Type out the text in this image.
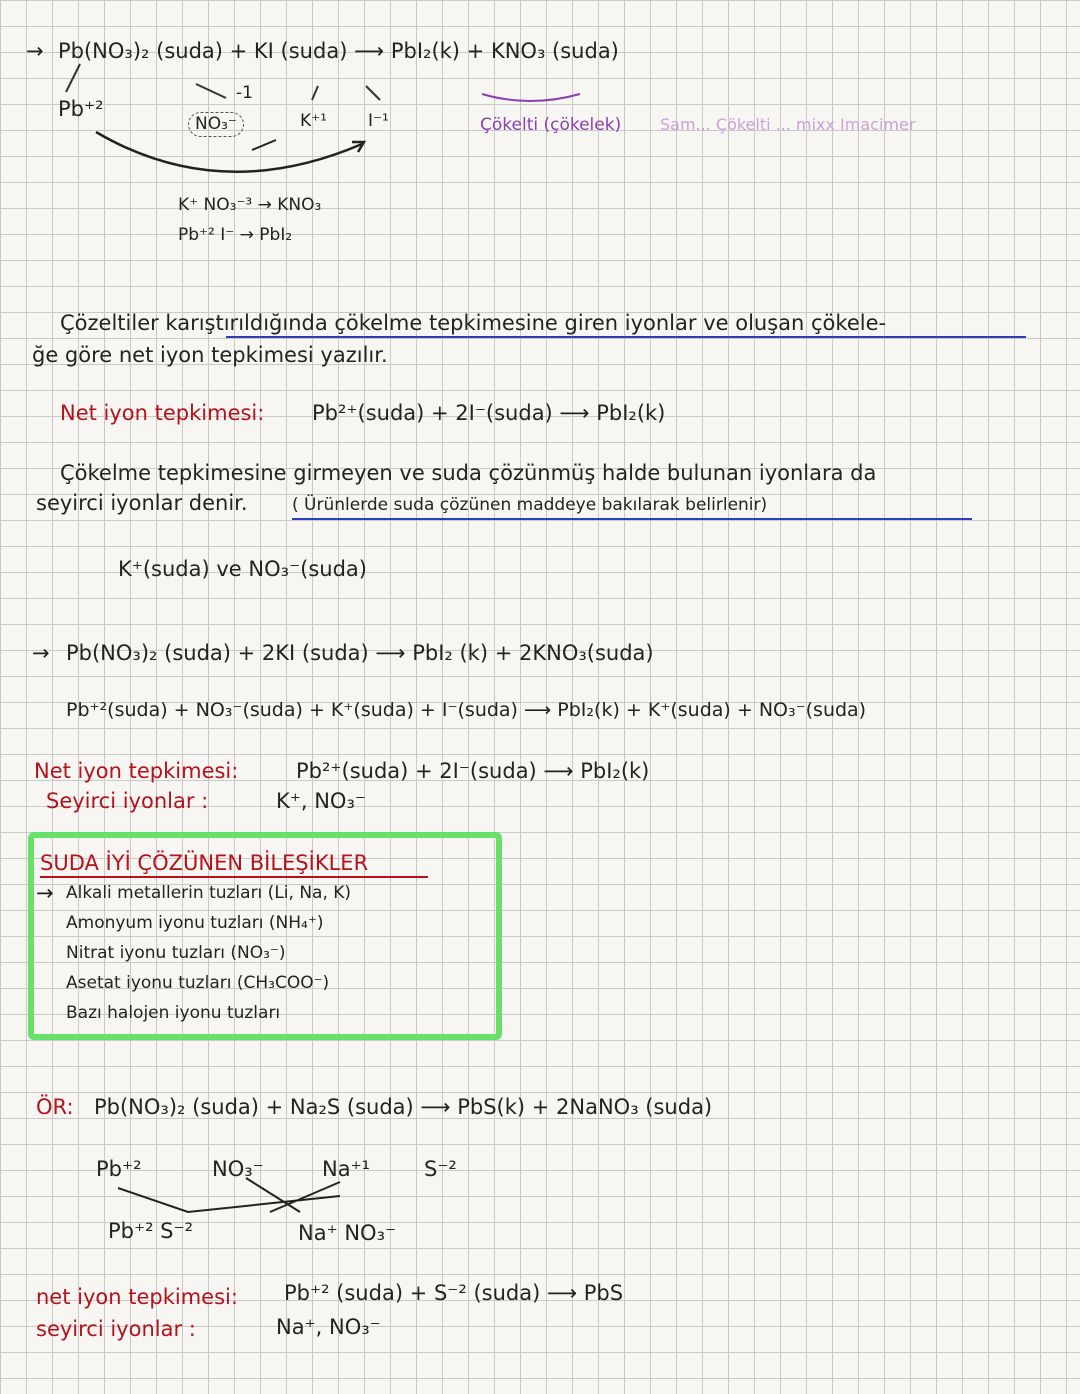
→ Pb(NO₃)₂ (suda) + KI (suda) ⟶ PbI₂(k) + KNO₃ (suda)
Pb⁺²
-1
NO₃⁻	K⁺¹ I⁻¹	Çökelti (çökelek) Sam... Çökelti ... mixx Imacimer
K⁺ NO₃⁻³ → KNO₃
Pb⁺² I⁻ → PbI₂
Çözeltiler karıştırıldığında çökelme tepkimesine giren iyonlar ve oluşan çökele-
ğe göre net iyon tepkimesi yazılır.
Net iyon tepkimesi: Pb²⁺(suda) + 2I⁻(suda) ⟶ PbI₂(k)
Çökelme tepkimesine girmeyen ve suda çözünmüş halde bulunan iyonlara da
seyirci iyonlar denir.	( Ürünlerde suda çözünen maddeye bakılarak belirlenir)
K⁺(suda) ve NO₃⁻(suda)
→ Pb(NO₃)₂ (suda) + 2KI (suda) ⟶ PbI₂ (k) + 2KNO₃(suda)
Pb⁺²(suda) + NO₃⁻(suda) + K⁺(suda) + I⁻(suda) ⟶ PbI₂(k) + K⁺(suda) + NO₃⁻(suda)
Net iyon tepkimesi:	Pb²⁺(suda) + 2I⁻(suda) ⟶ PbI₂(k)
Seyirci iyonlar :	K⁺, NO₃⁻
SUDA İYİ ÇÖZÜNEN BİLEŞİKLER
→ Alkali metallerin tuzları (Li, Na, K)
Amonyum iyonu tuzları (NH₄⁺)
Nitrat iyonu tuzları (NO₃⁻)
Asetat iyonu tuzları (CH₃COO⁻)
Bazı halojen iyonu tuzları
ÖR: Pb(NO₃)₂ (suda) + Na₂S (suda) ⟶ PbS(k) + 2NaNO₃ (suda)
Pb⁺²	NO₃⁻	Na⁺¹	S⁻²
Pb⁺² S⁻²	Na⁺ NO₃⁻
net iyon tepkimesi: Pb⁺² (suda) + S⁻² (suda) ⟶ PbS
seyirci iyonlar :	Na⁺, NO₃⁻
